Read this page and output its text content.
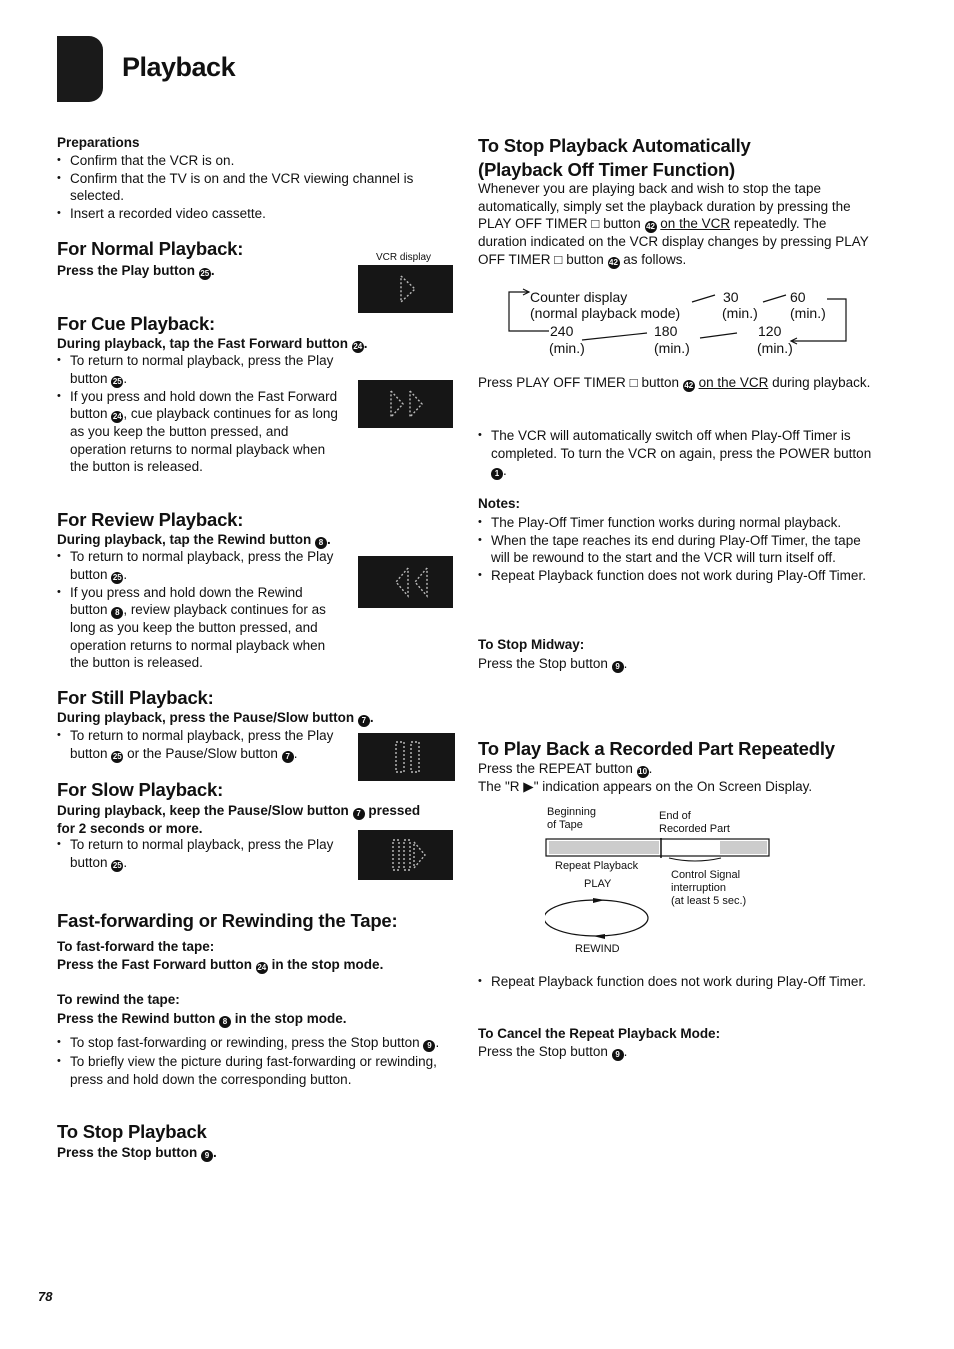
Playback
Preparations
• Confirm that the VCR is on.
• Confirm that the TV is on and the VCR viewing channel is selected.
• Insert a recorded video cassette.
For Normal Playback:
Press the Play button 25 .
VCR display
For Cue Playback:
During playback, tap the Fast Forward button 24 .
• To return to normal playback, press the Play button 25 .
• If you press and hold down the Fast Forward button 24 , cue playback continues for as long as you keep the button pressed, and operation returns to normal playback when the button is released.
For Review Playback:
During playback, tap the Rewind button 8 .
• To return to normal playback, press the Play button 25 .
• If you press and hold down the Rewind button 8 , review playback continues for as long as you keep the button pressed, and operation returns to normal playback when the button is released.
For Still Playback:
During playback, press the Pause/Slow button 7 .
• To return to normal playback, press the Play button 25 or the Pause/Slow button 7 .
For Slow Playback:
During playback, keep the Pause/Slow button 7 pressed
for 2 seconds or more.
• To return to normal playback, press the Play button 25 .
Fast-forwarding or Rewinding the Tape:
To fast-forward the tape:
Press the Fast Forward button 24 in the stop mode.
To rewind the tape:
Press the Rewind button 8 in the stop mode.
• To stop fast-forwarding or rewinding, press the Stop button 9 .
• To briefly view the picture during fast-forwarding or rewinding, press and hold down the corresponding button.
To Stop Playback
Press the Stop button 9 .
78
To Stop Playback Automatically
(Playback Off Timer Function)
Whenever you are playing back and wish to stop the tape automatically, simply set the playback duration by pressing the PLAY OFF TIMER □ button 42 on the VCR repeatedly. The duration indicated on the VCR display changes by pressing PLAY OFF TIMER □ button 42 as follows.
Counter display
(normal playback mode)
30
(min.)
60
(min.)
240
(min.)
180
(min.)
120
(min.)
Press PLAY OFF TIMER □ button 42 on the VCR during playback.
• The VCR will automatically switch off when Play-Off Timer is completed. To turn the VCR on again, press the POWER button 1 .
Notes:
• The Play-Off Timer function works during normal playback.
• When the tape reaches its end during Play-Off Timer, the tape will be rewound to the start and the VCR will turn itself off.
• Repeat Playback function does not work during Play-Off Timer.
To Stop Midway:
Press the Stop button 9 .
To Play Back a Recorded Part Repeatedly
Press the REPEAT button 10 .
The "R ▶" indication appears on the On Screen Display.
Beginning
of Tape
End of
Recorded Part
Repeat Playback
PLAY
REWIND
Control Signal
interruption
(at least 5 sec.)
• Repeat Playback function does not work during Play-Off Timer.
To Cancel the Repeat Playback Mode:
Press the Stop button 9 .
